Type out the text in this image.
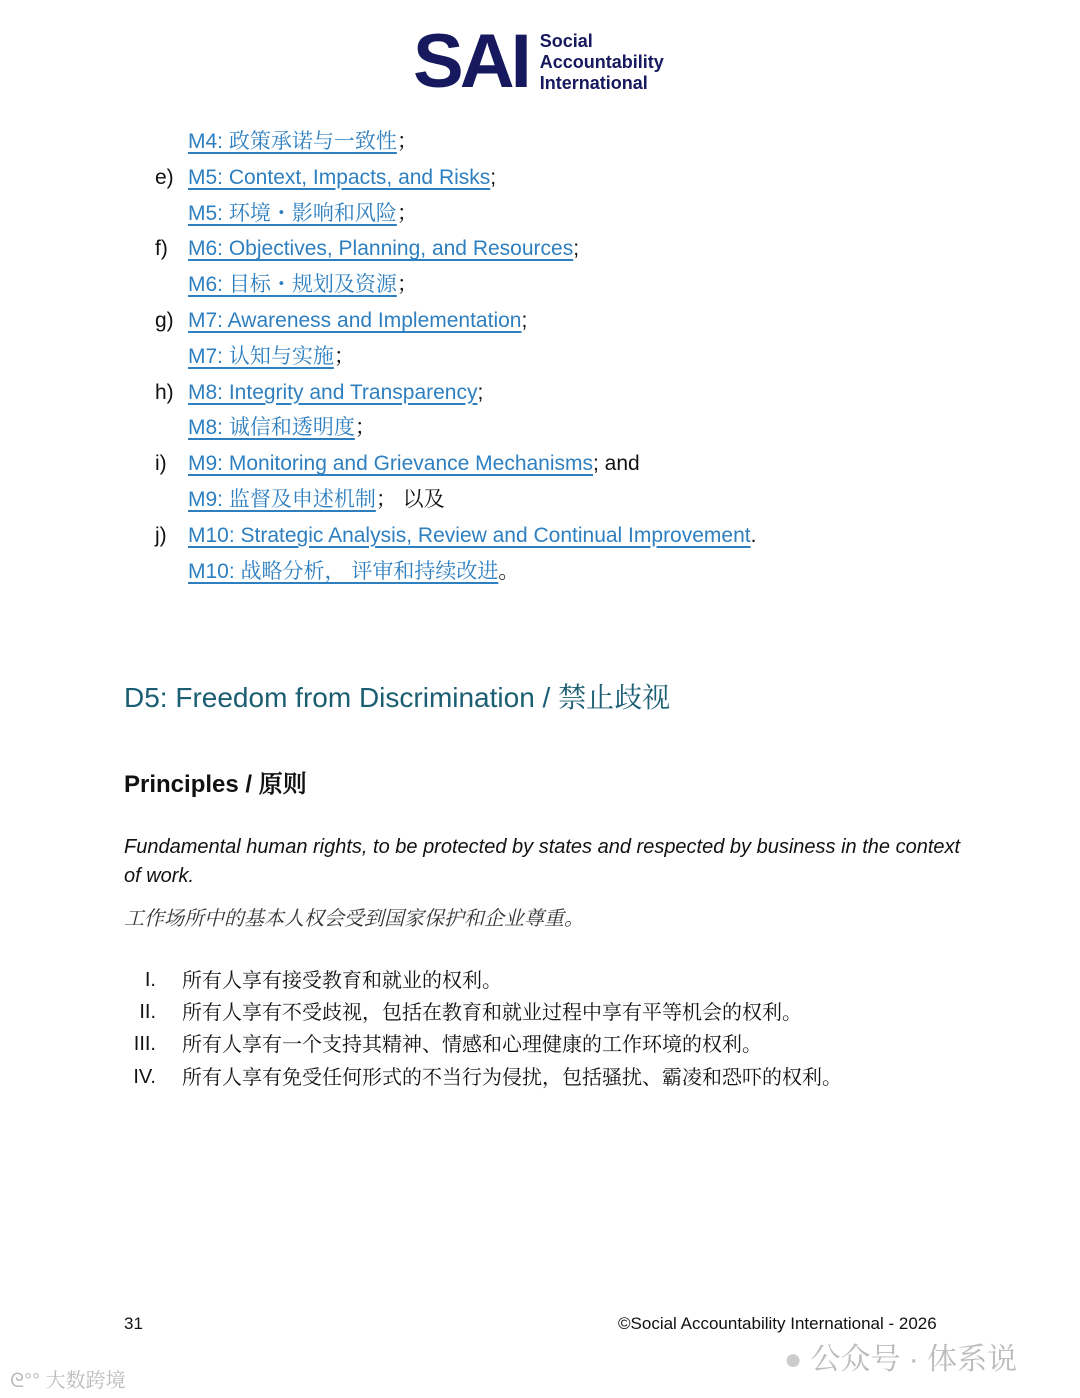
SAI Social
Accountability
International
M4: 政策承诺与一致性；
e) M5: Context, Impacts, and Risks;
M5: 环境・影响和风险；
f) M6: Objectives, Planning, and Resources;
M6: 目标・规划及资源；
g) M7: Awareness and Implementation;
M7: 认知与实施；
h) M8: Integrity and Transparency;
M8: 诚信和透明度；
i) M9: Monitoring and Grievance Mechanisms; and
M9: 监督及申述机制； 以及
j) M10: Strategic Analysis, Review and Continual Improvement.
M10: 战略分析， 评审和持续改进。
D5: Freedom from Discrimination / 禁止歧视
Principles / 原则
Fundamental human rights, to be protected by states and respected by business in the context of work.
工作场所中的基本人权会受到国家保护和企业尊重。
I. 所有人享有接受教育和就业的权利。
II. 所有人享有不受歧视，包括在教育和就业过程中享有平等机会的权利。
III. 所有人享有一个支持其精神、情感和心理健康的工作环境的权利。
IV. 所有人享有免受任何形式的不当行为侵扰，包括骚扰、霸凌和恐吓的权利。
31	©Social Accountability International - 2026
● 公众号 · 体系说
ᘓ°° 大数跨境
